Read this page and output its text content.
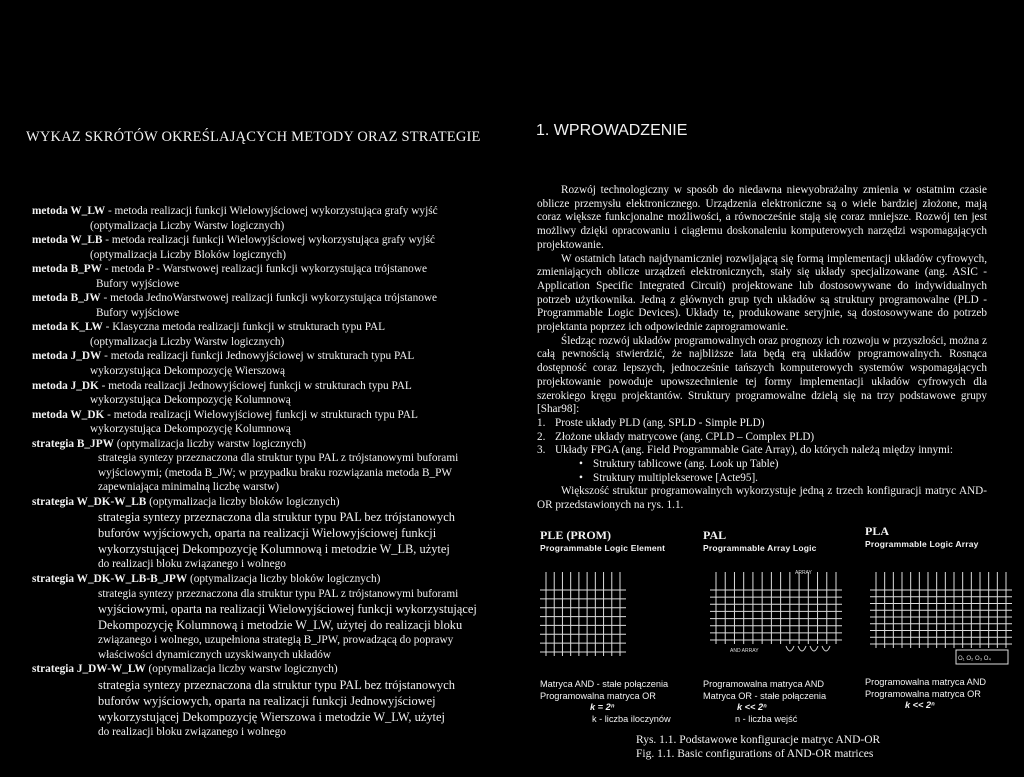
WYKAZ SKRÓTÓW OKREŚLAJĄCYCH METODY ORAZ STRATEGIE	1. WPROWADZENIE
metoda W_LW - metoda realizacji funkcji Wielowyjściowej wykorzystująca grafy wyjść
(optymalizacja Liczby Warstw logicznych)
metoda W_LB - metoda realizacji funkcji Wielowyjściowej wykorzystująca grafy wyjść
(optymalizacja Liczby Bloków logicznych)
metoda B_PW - metoda P - Warstwowej realizacji funkcji wykorzystująca trójstanowe
Bufory wyjściowe
metoda B_JW - metoda JednoWarstwowej realizacji funkcji wykorzystująca trójstanowe
Bufory wyjściowe
metoda K_LW - Klasyczna metoda realizacji funkcji w strukturach typu PAL
(optymalizacja Liczby Warstw logicznych)
metoda J_DW - metoda realizacji funkcji Jednowyjściowej w strukturach typu PAL
wykorzystująca Dekompozycję Wierszową
metoda J_DK - metoda realizacji Jednowyjściowej funkcji w strukturach typu PAL
wykorzystująca Dekompozycję Kolumnową
metoda W_DK - metoda realizacji Wielowyjściowej funkcji w strukturach typu PAL
wykorzystująca Dekompozycję Kolumnową
strategia B_JPW (optymalizacja liczby warstw logicznych)
strategia syntezy przeznaczona dla struktur typu PAL z trójstanowymi buforami
wyjściowymi; (metoda B_JW; w przypadku braku rozwiązania metoda B_PW
zapewniająca minimalną liczbę warstw)
strategia W_DK-W_LB (optymalizacja liczby bloków logicznych)
strategia syntezy przeznaczona dla struktur typu PAL bez trójstanowych
buforów wyjściowych, oparta na realizacji Wielowyjściowej funkcji
wykorzystującej Dekompozycję Kolumnową i metodzie W_LB, użytej
do realizacji bloku związanego i wolnego
strategia W_DK-W_LB-B_JPW (optymalizacja liczby bloków logicznych)
strategia syntezy przeznaczona dla struktur typu PAL z trójstanowymi buforami
wyjściowymi, oparta na realizacji Wielowyjściowej funkcji wykorzystującej
Dekompozycję Kolumnową i metodzie W_LW, użytej do realizacji bloku
związanego i wolnego, uzupełniona strategią B_JPW, prowadzącą do poprawy
właściwości dynamicznych uzyskiwanych układów
strategia J_DW-W_LW (optymalizacja liczby warstw logicznych)
strategia syntezy przeznaczona dla struktur typu PAL bez trójstanowych
buforów wyjściowych, oparta na realizacji funkcji Jednowyjściowej
wykorzystującej Dekompozycję Wierszowa i metodzie W_LW, użytej
do realizacji bloku związanego i wolnego

Rozwój technologiczny w sposób do niedawna niewyobrażalny zmienia w ostatnim czasie oblicze przemysłu elektronicznego. Urządzenia elektroniczne są o wiele bardziej złożone, mają coraz większe funkcjonalne możliwości, a równocześnie stają się coraz mniejsze. Rozwój ten jest możliwy dzięki opracowaniu i ciągłemu doskonaleniu komputerowych narzędzi wspomagających projektowanie.

W ostatnich latach najdynamiczniej rozwijającą się formą implementacji układów cyfrowych, zmieniających oblicze urządzeń elektronicznych, stały się układy specjalizowane (ang. ASIC - Application Specific Integrated Circuit) projektowane lub dostosowywane do indywidualnych potrzeb użytkownika. Jedną z głównych grup tych układów są struktury programowalne (PLD - Programmable Logic Devices). Układy te, produkowane seryjnie, są dostosowywane do potrzeb projektanta poprzez ich odpowiednie zaprogramowanie.

Śledząc rozwój układów programowalnych oraz prognozy ich rozwoju w przyszłości, można z całą pewnością stwierdzić, że najbliższe lata będą erą układów programowalnych. Rosnąca dostępność coraz lepszych, jednocześnie tańszych komputerowych systemów wspomagających projektowanie powoduje upowszechnienie tej formy implementacji układów cyfrowych dla szerokiego kręgu projektantów. Struktury programowalne dzielą się na trzy podstawowe grupy [Shar98]:

1. Proste układy PLD (ang. SPLD - Simple PLD)
2. Złożone układy matrycowe (ang. CPLD – Complex PLD)
3. Układy FPGA (ang. Field Programmable Gate Array), do których należą między innymi:
• Struktury tablicowe (ang. Look up Table)
• Struktury multiplekserowe [Acte95].

Większość struktur programowalnych wykorzystuje jedną z trzech konfiguracji matryc AND-OR przedstawionych na rys. 1.1.

PLE (PROM)
Programmable Logic Element
PAL
Programmable Array Logic
PLA
Programmable Logic Array
ARRAY
AND ARRAY
O₁ O₂ O₃ O₄
Matryca AND - stałe połączenia
Programowalna matryca OR
k = 2ⁿ
k - liczba iloczynów
Programowalna matryca AND
Matryca OR - stałe połączenia
k << 2ⁿ
n - liczba wejść
Programowalna matryca AND
Programowalna matryca OR
k << 2ⁿ
Rys. 1.1. Podstawowe konfiguracje matryc AND-OR
Fig. 1.1. Basic configurations of AND-OR matrices
